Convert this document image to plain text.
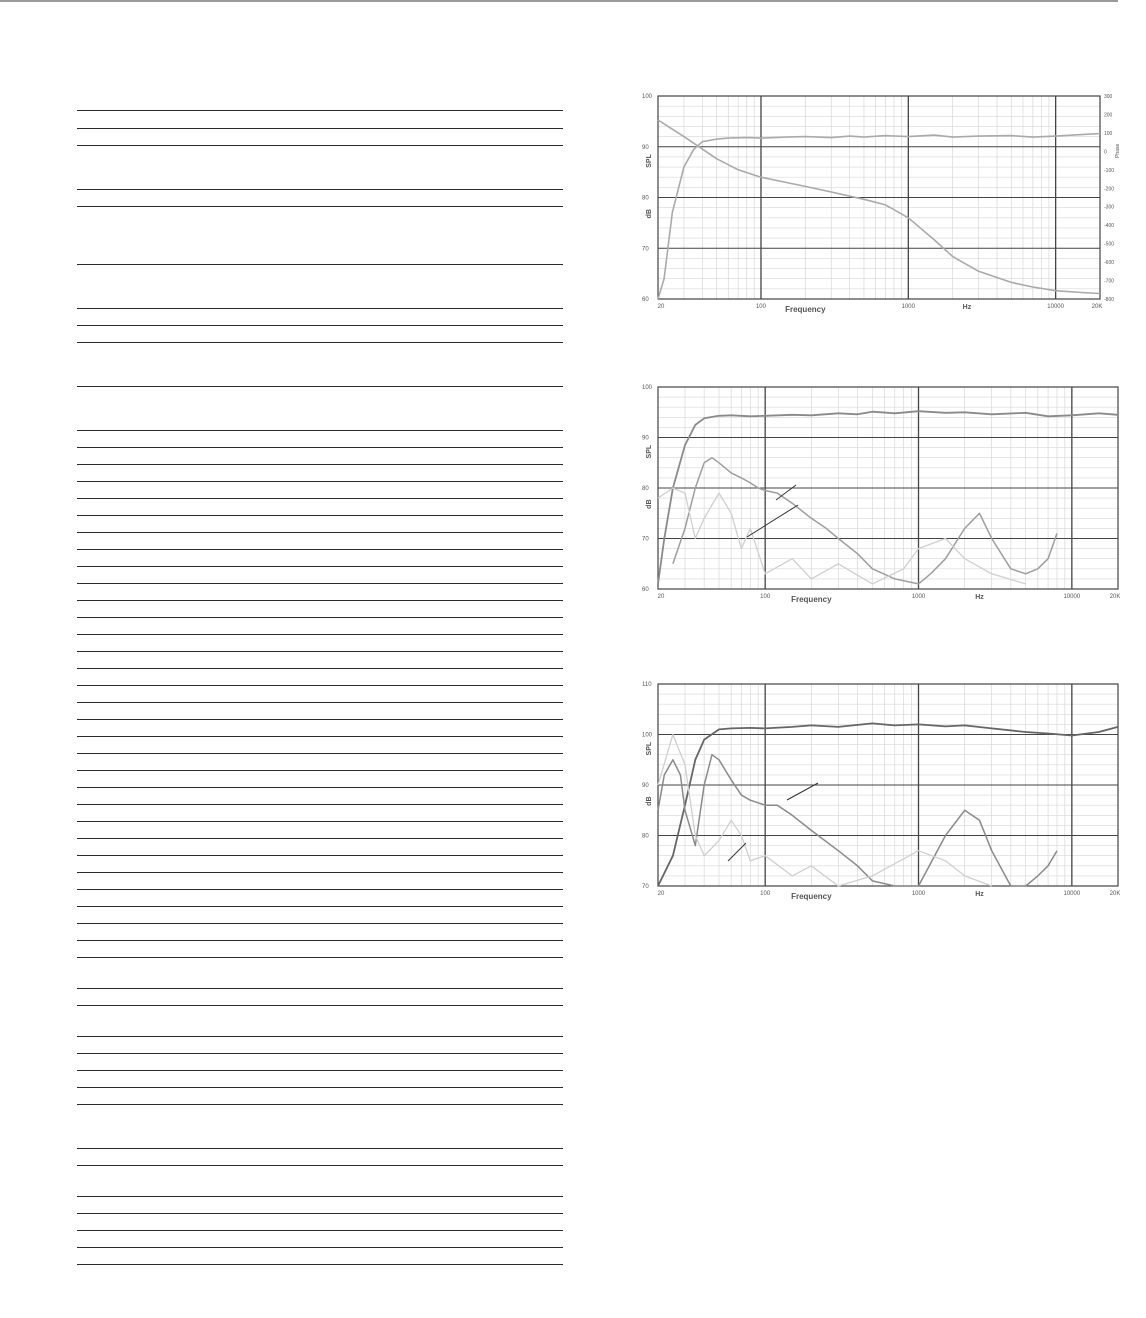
60
70
80
90
100
20	100	1000	10000	20K
Frequency	Hz
SPL
dB
300
200
100
0
-100
-200
-300
-400
-500
-600
-700
-800
Phase
60
70
80
90
100
20	100	1000	10000	20K
Frequency	Hz
SPL
dB
70
80
90
100
110
20	100	1000	10000	20K
Frequency	Hz
SPL
dB
